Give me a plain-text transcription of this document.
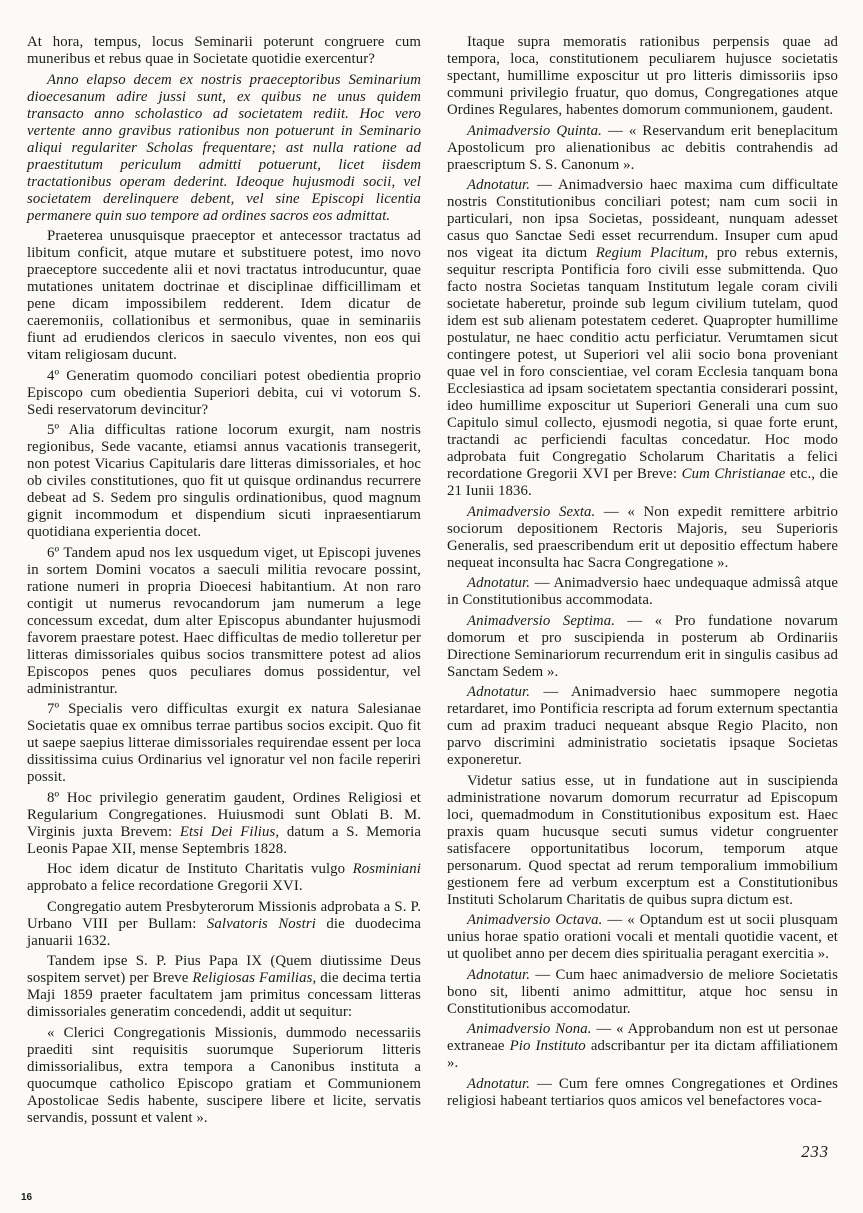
At hora, tempus, locus Seminarii poterunt congruere cum muneribus et rebus quae in Societate quotidie exercentur?

Anno elapso decem ex nostris praeceptoribus Seminarium dioecesanum adire jussi sunt, ex quibus ne unus quidem transacto anno scholastico ad societatem rediit. Hoc vero vertente anno gravibus rationibus non potuerunt in Seminario aliqui regulariter Scholas frequentare; ast nulla ratione ad praestitutum periculum admitti potuerunt, licet iisdem tractationibus operam dederint. Ideoque hujusmodi socii, vel societatem derelinquere debent, vel sine Episcopi licentia permanere quin suo tempore ad ordines sacros eos admittat.

Praeterea unusquisque praeceptor et antecessor tractatus ad libitum conficit, atque mutare et substituere potest, imo novo praeceptore succedente alii et novi tractatus introducuntur, quae mutationes unitatem doctrinae et disciplinae difficillimam et pene dicam impossibilem redderent. Idem dicatur de caeremoniis, collationibus et sermonibus, quae in seminariis fiunt ad erudiendos clericos in saeculo viventes, non eos qui vitam religiosam ducunt.

4º Generatim quomodo conciliari potest obedientia proprio Episcopo cum obedientia Superiori debita, cui vi votorum S. Sedi reservatorum devincitur?

5º Alia difficultas ratione locorum exurgit, nam nostris regionibus, Sede vacante, etiamsi annus vacationis transegerit, non potest Vicarius Capitularis dare litteras dimissoriales, et hoc ob civiles constitutiones, quo fit ut quisque ordinandus recurrere debeat ad S. Sedem pro singulis ordinationibus, quod magnum gignit incommodum et dispendium sicuti inpraesentiarum quotidiana experientia docet.

6º Tandem apud nos lex usquedum viget, ut Episcopi juvenes in sortem Domini vocatos a saeculi militia revocare possint, ratione numeri in propria Dioecesi habitantium. At non raro contigit ut numerus revocandorum jam numerum a lege concessum excedat, dum alter Episcopus abundanter hujusmodi favorem praestare potest. Haec difficultas de medio tolleretur per litteras dimissoriales quibus socios transmittere potest ad alios Episcopos penes quos peculiares domus possidentur, vel administrantur.

7º Specialis vero difficultas exurgit ex natura Salesianae Societatis quae ex omnibus terrae partibus socios excipit. Quo fit ut saepe saepius litterae dimissoriales requirendae essent per loca dissitissima cuius Ordinarius vel ignoratur vel non facile reperiri possit.

8º Hoc privilegio generatim gaudent, Ordines Religiosi et Regularium Congregationes. Huiusmodi sunt Oblati B. M. Virginis juxta Brevem: Etsi Dei Filius, datum a S. Memoria Leonis Papae XII, mense Septembris 1828.

Hoc idem dicatur de Instituto Charitatis vulgo Rosminiani approbato a felice recordatione Gregorii XVI.

Congregatio autem Presbyterorum Missionis adprobata a S. P. Urbano VIII per Bullam: Salvatoris Nostri die duodecima januarii 1632.

Tandem ipse S. P. Pius Papa IX (Quem diutissime Deus sospitem servet) per Breve Religiosas Familias, die decima tertia Maji 1859 praeter facultatem jam primitus concessam litteras dimissoriales generatim concedendi, addit ut sequitur:

« Clerici Congregationis Missionis, dummodo necessariis praediti sint requisitis suorumque Superiorum litteris dimissorialibus, extra tempora a Canonibus instituta a quocumque catholico Episcopo gratiam et Communionem Apostolicae Sedis habente, suscipere libere et licite, servatis servandis, possunt et valent ».

Itaque supra memoratis rationibus perpensis quae ad tempora, loca, constitutionem peculiarem hujusce societatis spectant, humillime exposcitur ut pro litteris dimissoriis ipso communi privilegio fruatur, quo domus, Congregationes atque Ordines Regulares, habentes domorum communionem, gaudent.

Animadversio Quinta. — « Reservandum erit beneplacitum Apostolicum pro alienationibus ac debitis contrahendis ad praescriptum S. S. Canonum ».

Adnotatur. — Animadversio haec maxima cum difficultate nostris Constitutionibus conciliari potest; nam cum socii in particulari, non ipsa Societas, possideant, nunquam adesset casus quo Sanctae Sedi esset recurrendum. Insuper cum apud nos vigeat ita dictum Regium Placitum, pro rebus externis, sequitur rescripta Pontificia foro civili esse submittenda. Quo facto nostra Societas tanquam Institutum legale coram civili societate haberetur, proinde sub legum civilium tutelam, quod idem est sub alienam potestatem cederet. Quapropter humillime postulatur, ne haec conditio actu perficiatur. Verumtamen sicut contingere potest, ut Superiori vel alii socio bona proveniant quae vel in foro conscientiae, vel coram Ecclesia tanquam bona Ecclesiastica ad ipsam societatem spectantia considerari possint, ideo humillime exposcitur ut Superiori Generali una cum suo Capitulo simul collecto, ejusmodi negotia, si quae forte erunt, tractandi ac perficiendi facultas concedatur. Hoc modo adprobata fuit Congregatio Scholarum Charitatis a felici recordatione Gregorii XVI per Breve: Cum Christianae etc., die 21 Iunii 1836.

Animadversio Sexta. — « Non expedit remittere arbitrio sociorum depositionem Rectoris Majoris, seu Superioris Generalis, sed praescribendum erit ut depositio effectum habere nequeat inconsulta hac Sacra Congregatione ».

Adnotatur. — Animadversio haec undequaque admissâ atque in Constitutionibus accommodata.

Animadversio Septima. — « Pro fundatione novarum domorum et pro suscipienda in posterum ab Ordinariis Directione Seminariorum recurrendum erit in singulis casibus ad Sanctam Sedem ».

Adnotatur. — Animadversio haec summopere negotia retardaret, imo Pontificia rescripta ad forum externum spectantia cum ad praxim traduci nequeant absque Regio Placito, non parvo discrimini administratio societatis ipsaque Societas exponeretur.

Videtur satius esse, ut in fundatione aut in suscipienda administratione novarum domorum recurratur ad Episcopum loci, quemadmodum in Constitutionibus expositum est. Haec praxis quam hucusque secuti sumus videtur congruenter satisfacere opportunitatibus locorum, temporum atque personarum. Quod spectat ad rerum temporalium immobilium gestionem fere ad verbum excerptum est a Constitutionibus Instituti Scholarum Charitatis de quibus supra dictum est.

Animadversio Octava. — « Optandum est ut socii plusquam unius horae spatio orationi vocali et mentali quotidie vacent, et ut quolibet anno per decem dies spiritualia peragant exercitia ».

Adnotatur. — Cum haec animadversio de meliore Societatis bono sit, libenti animo admittitur, atque hoc sensu in Constitutionibus accomodatur.

Animadversio Nona. — « Approbandum non est ut personae extraneae Pio Instituto adscribantur per ita dictam affiliationem ».

Adnotatur. — Cum fere omnes Congregationes et Ordines religiosi habeant tertiarios quos amicos vel benefactores voca-

233
16
